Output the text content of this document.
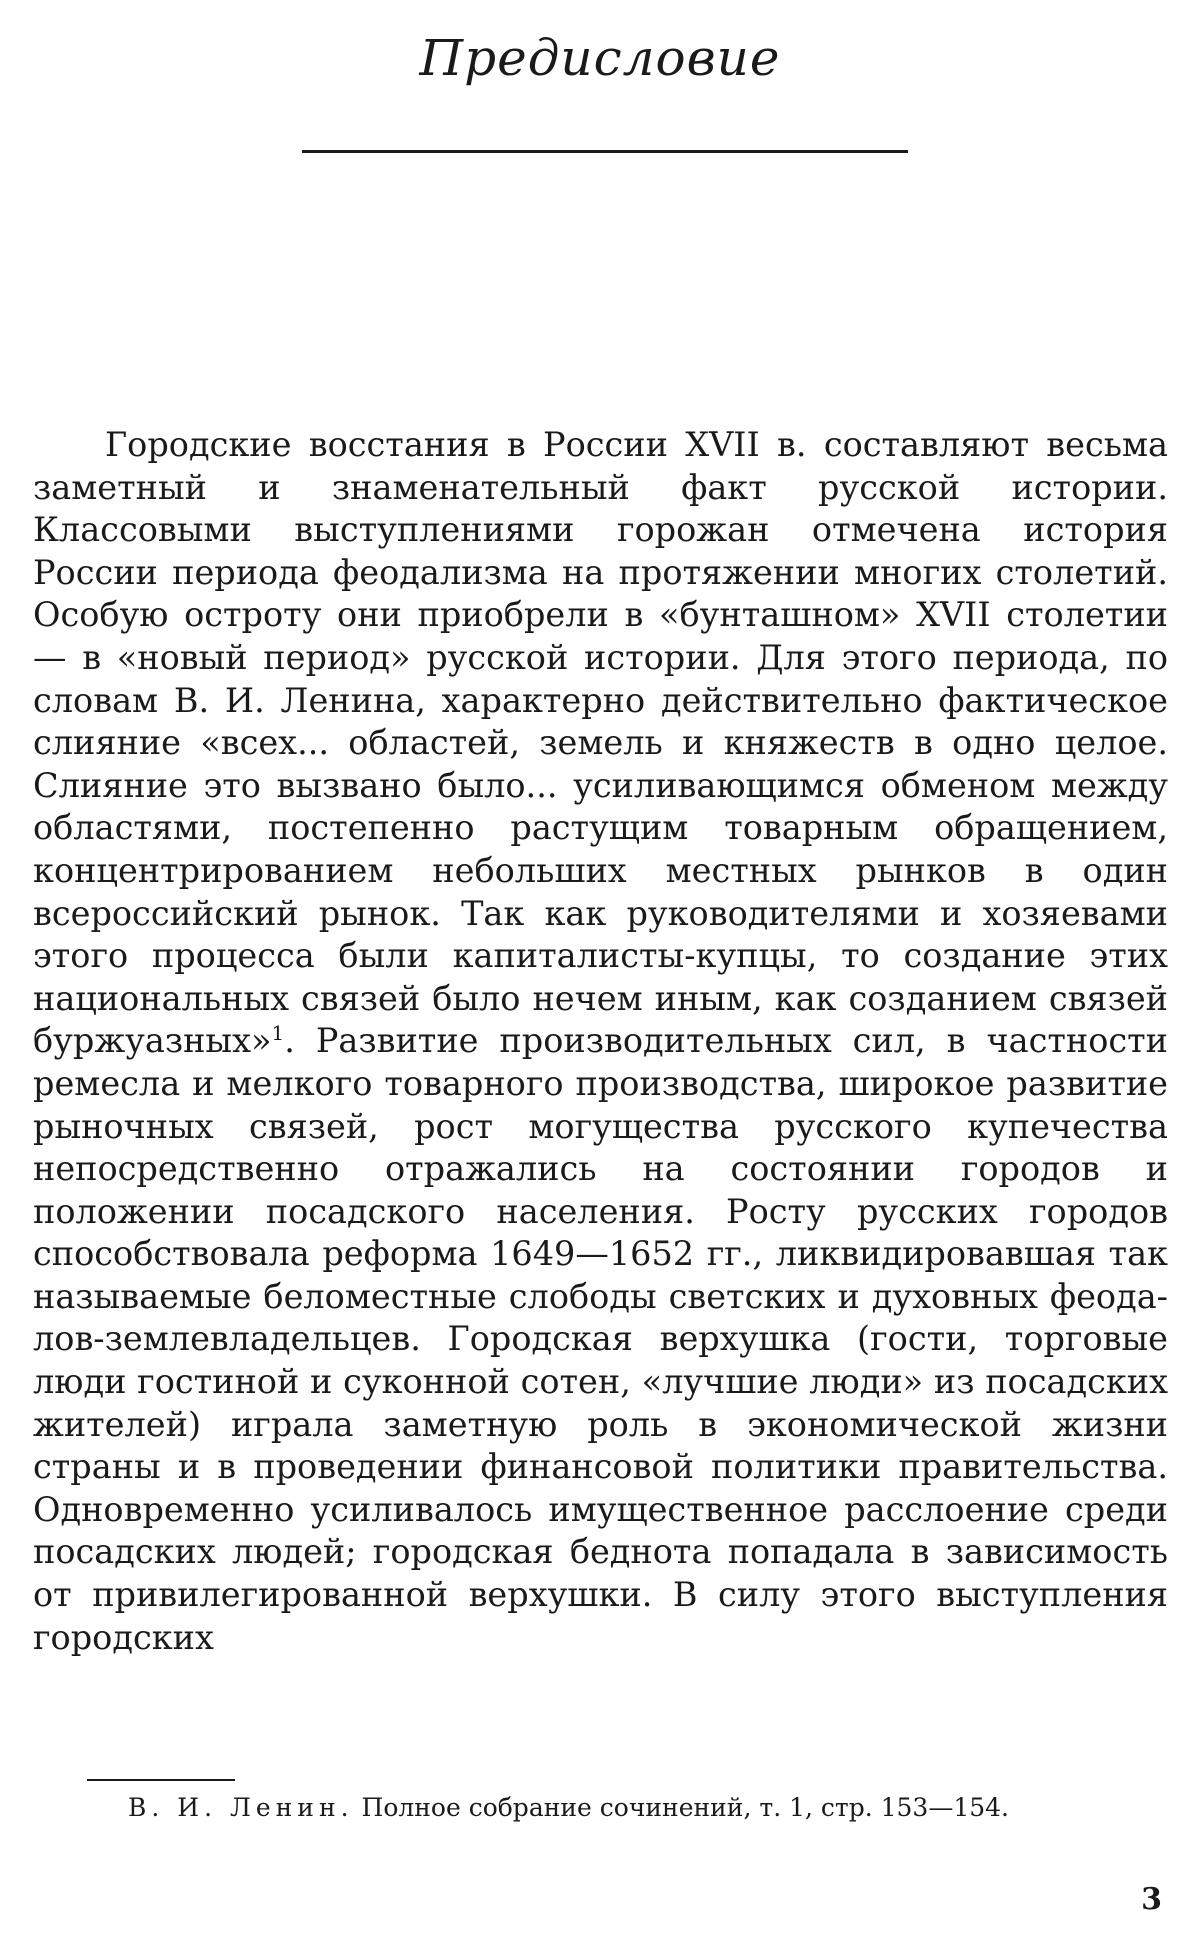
Предисловие

Городские восстания в России XVII в. составляют весьма заметный и знаменательный факт русской истории. Классовыми выступлениями горожан отмечена история России периода феодализма на протяжении многих столетий. Особую остроту они приобрели в «бунташном» XVII столетии — в «новый период» русской истории. Для этого периода, по словам В. И. Ленина, характерно действительно фактическое слияние «всех... областей, земель и княжеств в одно целое. Слияние это вызвано было... усиливающимся обменом между областями, постепенно растущим товарным обращением, концентрированием небольших местных рынков в один всероссийский рынок. Так как руководителями и хозяевами этого процесса были капиталисты-купцы, то создание этих национальных связей было нечем иным, как созданием связей буржуазных»$^1$. Развитие производительных сил, в частности ремесла и мелкого товарного производства, широкое развитие рыночных связей, рост могущества русского купечества непосредственно отражались на состоянии городов и положении посадского населения. Росту русских городов способствовала реформа 1649—1652 гг., ликвидировавшая так называемые беломестные слободы светских и духовных феодалов-землевладельцев. Городская верхушка (гости, торговые люди гостиной и суконной сотен, «лучшие люди» из посадских жителей) играла заметную роль в экономической жизни страны и в проведении финансовой политики правительства. Одновременно усиливалось имущественное расслоение среди посадских людей; городская беднота попадала в зависимость от привилегированной верхушки. В силу этого выступления городских

В. И. Ленин. Полное собрание сочинений, т. 1, стр. 153—154.

3
